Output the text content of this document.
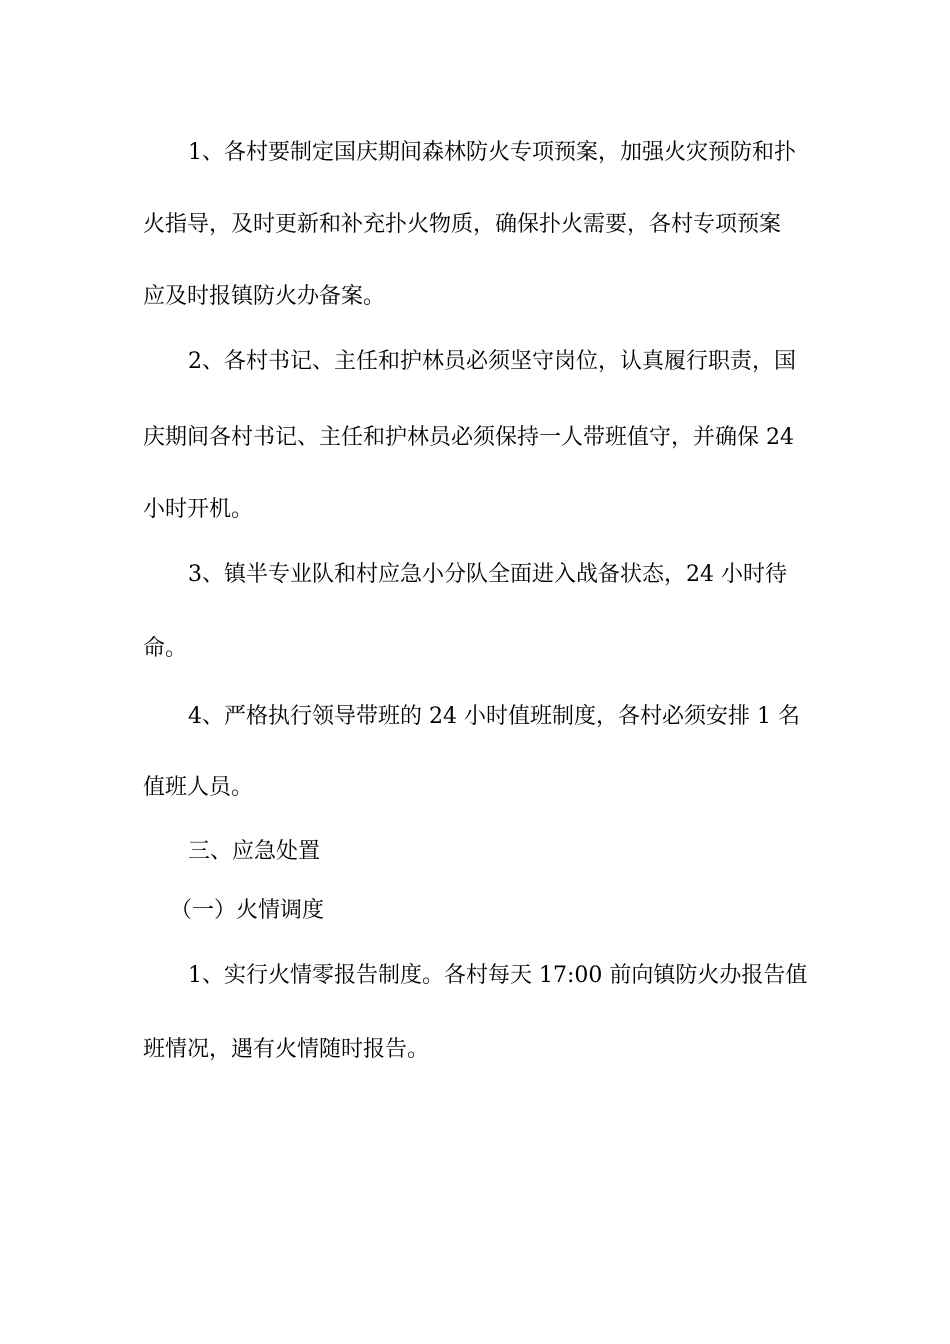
1、各村要制定国庆期间森林防火专项预案，加强火灾预防和扑
火指导，及时更新和补充扑火物质，确保扑火需要，各村专项预案
应及时报镇防火办备案。
2、各村书记、主任和护林员必须坚守岗位，认真履行职责，国
庆期间各村书记、主任和护林员必须保持一人带班值守，并确保 24
小时开机。
3、镇半专业队和村应急小分队全面进入战备状态，24 小时待
命。
4、严格执行领导带班的 24 小时值班制度，各村必须安排 1 名
值班人员。
三、应急处置
（一）火情调度
1、实行火情零报告制度。各村每天 17:00 前向镇防火办报告值
班情况，遇有火情随时报告。
